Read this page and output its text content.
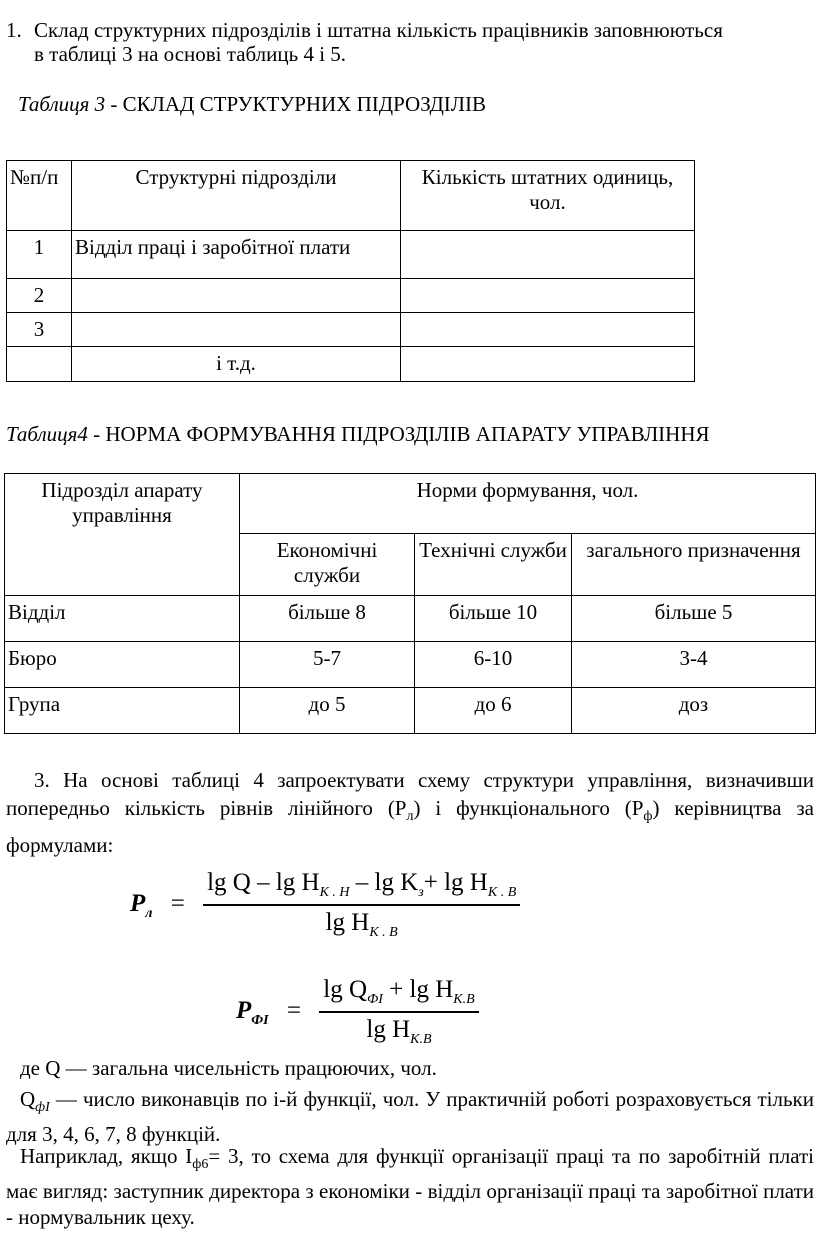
1. Склад структурних підрозділів і штатна кількість працівників заповнюються
в таблиці 3 на основі таблиць 4 і 5.
Таблиця 3 - СКЛАД СТРУКТУРНИХ ПІДРОЗДІЛІВ
№п/п	Структурні підрозділи	Кількість штатних одиниць, чол.
1	Відділ праці і заробітної плати	
2		
3		
	і т.д.	
Таблиця4 - НОРМА ФОРМУВАННЯ ПІДРОЗДІЛІВ АПАРАТУ УПРАВЛІННЯ
Підрозділ апарату управління	Норми формування, чол.		
	Економічні служби	Технічні служби	загального призначення
Відділ	більше 8	більше 10	більше 5
Бюро	5-7	6-10	3-4
Група	до 5	до 6	доз
3. На основі таблиці 4 запроектувати схему структури управління, визначивши попередньо кількість рівнів лінійного $(Р_л)$ і функціонального $(Р_ф)$ керівництва за формулами:
$P_л = \frac{\lg Q - \lg H_{K . H} - \lg K_з+ \lg H_{K . B}}{\lg H_{K . B}}$
$P_{ФI} = \frac{\lg Q_{ФI} + \lg H_{K.B}}{\lg H_{K.B}}$
де Q — загальна чисельність працюючих, чол.
$Q_{фI}$ — число виконавців по і-й функції, чол. У практичній роботі розраховується тільки для 3, 4, 6, 7, 8 функцій.
Наприклад, якщо $І_{ф6}= 3$, то схема для функції організації праці та по заробітній платі має вигляд: заступник директора з економіки - відділ організації праці та заробітної плати - нормувальник цеху.
